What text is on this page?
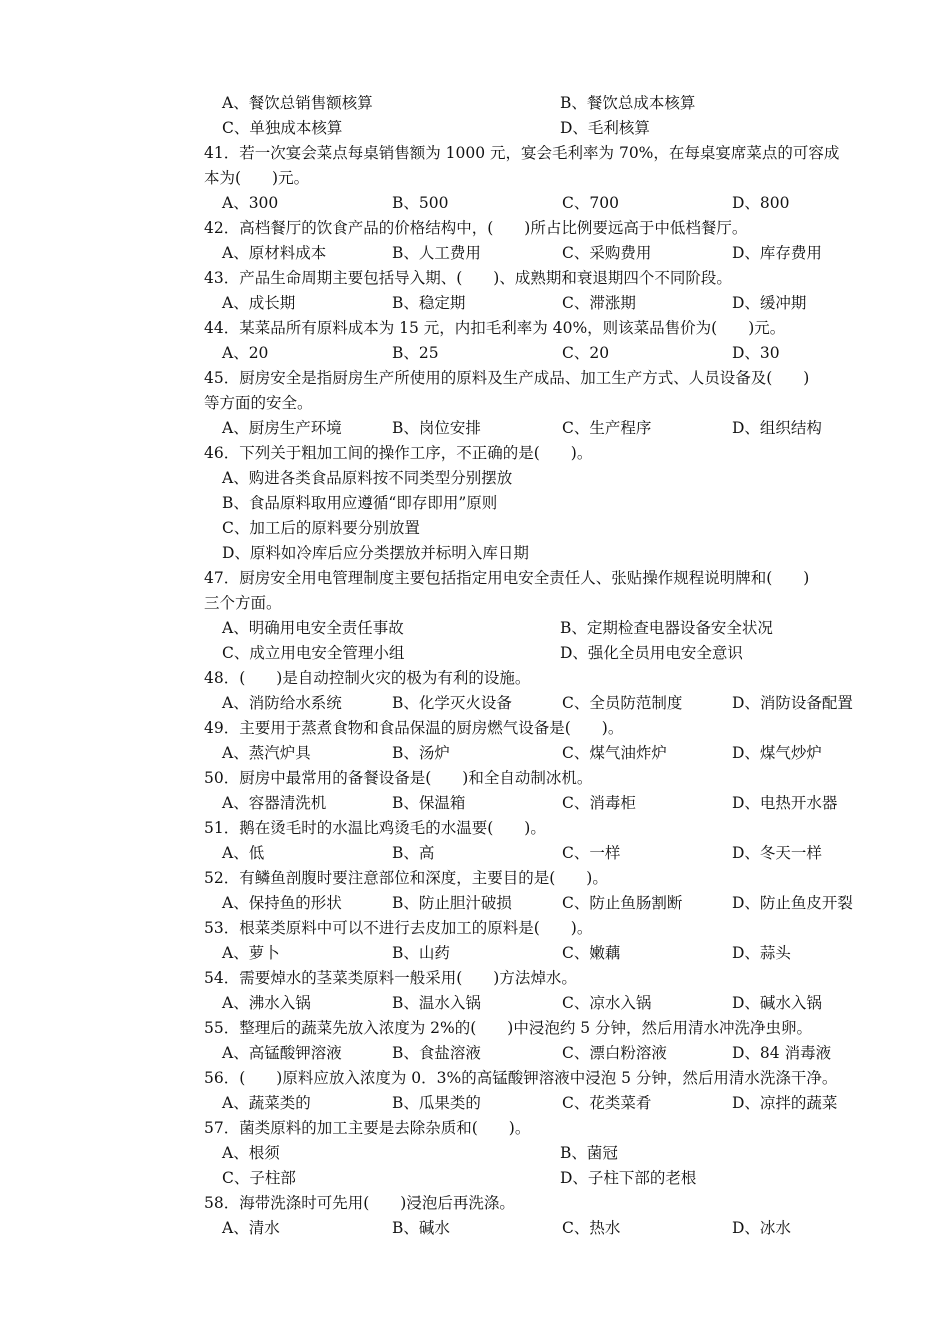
A、餐饮总销售额核算	B、餐饮总成本核算
C、单独成本核算	D、毛利核算
41．若一次宴会菜点每桌销售额为 1000 元，宴会毛利率为 70%，在每桌宴席菜点的可容成
本为(　　)元。
A、300	B、500	C、700	D、800
42．高档餐厅的饮食产品的价格结构中，(　　)所占比例要远高于中低档餐厅。
A、原材料成本	B、人工费用	C、采购费用	D、库存费用
43．产品生命周期主要包括导入期、(　　)、成熟期和衰退期四个不同阶段。
A、成长期	B、稳定期	C、滞涨期	D、缓冲期
44．某菜品所有原料成本为 15 元，内扣毛利率为 40%，则该菜品售价为(　　)元。
A、20	B、25	C、20	D、30
45．厨房安全是指厨房生产所使用的原料及生产成品、加工生产方式、人员设备及(　　)
等方面的安全。
A、厨房生产环境	B、岗位安排	C、生产程序	D、组织结构
46．下列关于粗加工间的操作工序，不正确的是(　　)。
A、购进各类食品原料按不同类型分别摆放
B、食品原料取用应遵循“即存即用”原则
C、加工后的原料要分别放置
D、原料如冷库后应分类摆放并标明入库日期
47．厨房安全用电管理制度主要包括指定用电安全责任人、张贴操作规程说明牌和(　　)
三个方面。
A、明确用电安全责任事故	B、定期检查电器设备安全状况
C、成立用电安全管理小组	D、强化全员用电安全意识
48．(　　)是自动控制火灾的极为有利的设施。
A、消防给水系统	B、化学灭火设备	C、全员防范制度	D、消防设备配置
49．主要用于蒸煮食物和食品保温的厨房燃气设备是(　　)。
A、蒸汽炉具	B、汤炉	C、煤气油炸炉	D、煤气炒炉
50．厨房中最常用的备餐设备是(　　)和全自动制冰机。
A、容器清洗机	B、保温箱	C、消毒柜	D、电热开水器
51．鹅在烫毛时的水温比鸡烫毛的水温要(　　)。
A、低	B、高	C、一样	D、冬天一样
52．有鳞鱼剖腹时要注意部位和深度，主要目的是(　　)。
A、保持鱼的形状	B、防止胆汁破损	C、防止鱼肠割断	D、防止鱼皮开裂
53．根菜类原料中可以不进行去皮加工的原料是(　　)。
A、萝卜	B、山药	C、嫩藕	D、蒜头
54．需要焯水的茎菜类原料一般采用(　　)方法焯水。
A、沸水入锅	B、温水入锅	C、凉水入锅	D、碱水入锅
55．整理后的蔬菜先放入浓度为 2%的(　　)中浸泡约 5 分钟，然后用清水冲洗净虫卵。
A、高锰酸钾溶液	B、食盐溶液	C、漂白粉溶液	D、84 消毒液
56．(　　)原料应放入浓度为 0．3%的高锰酸钾溶液中浸泡 5 分钟，然后用清水洗涤干净。
A、蔬菜类的	B、瓜果类的	C、花类菜肴	D、凉拌的蔬菜
57．菌类原料的加工主要是去除杂质和(　　)。
A、根须	B、菌冠
C、子柱部	D、子柱下部的老根
58．海带洗涤时可先用(　　)浸泡后再洗涤。
A、清水	B、碱水	C、热水	D、冰水
